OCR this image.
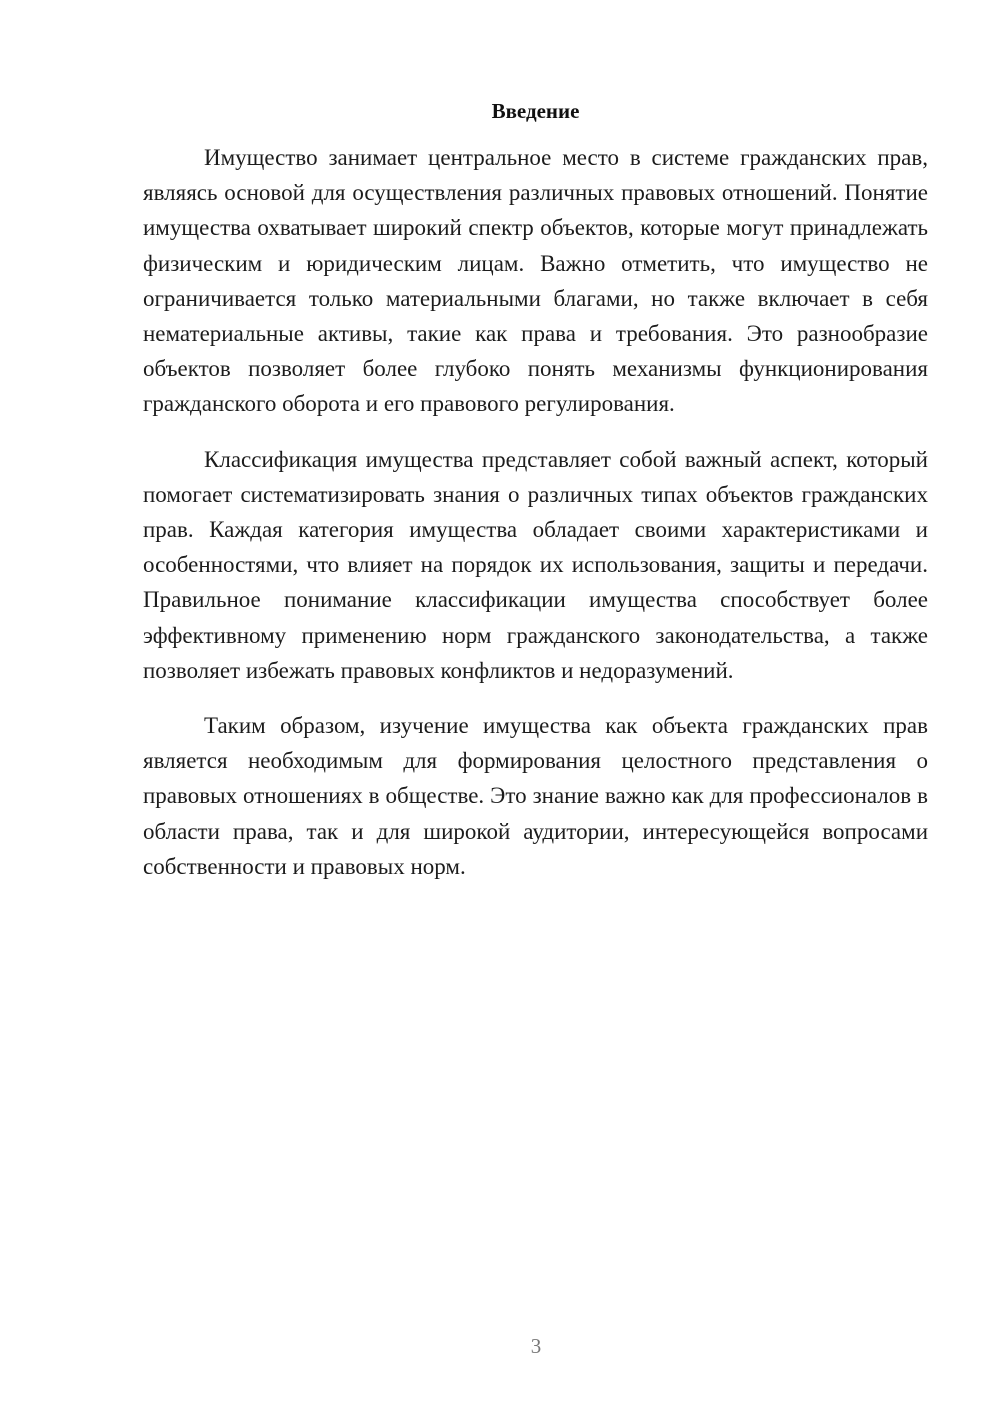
Введение

Имущество занимает центральное место в системе гражданских прав, являясь основой для осуществления различных правовых отношений. Понятие имущества охватывает широкий спектр объектов, которые могут принадлежать физическим и юридическим лицам. Важно отметить, что имущество не ограничивается только материальными благами, но также включает в себя нематериальные активы, такие как права и требования. Это разнообразие объектов позволяет более глубоко понять механизмы функционирования гражданского оборота и его правового регулирования.

Классификация имущества представляет собой важный аспект, который помогает систематизировать знания о различных типах объектов гражданских прав. Каждая категория имущества обладает своими характеристиками и особенностями, что влияет на порядок их использования, защиты и передачи. Правильное понимание классификации имущества способствует более эффективному применению норм гражданского законодательства, а также позволяет избежать правовых конфликтов и недоразумений.

Таким образом, изучение имущества как объекта гражданских прав является необходимым для формирования целостного представления о правовых отношениях в обществе. Это знание важно как для профессионалов в области права, так и для широкой аудитории, интересующейся вопросами собственности и правовых норм.

3
